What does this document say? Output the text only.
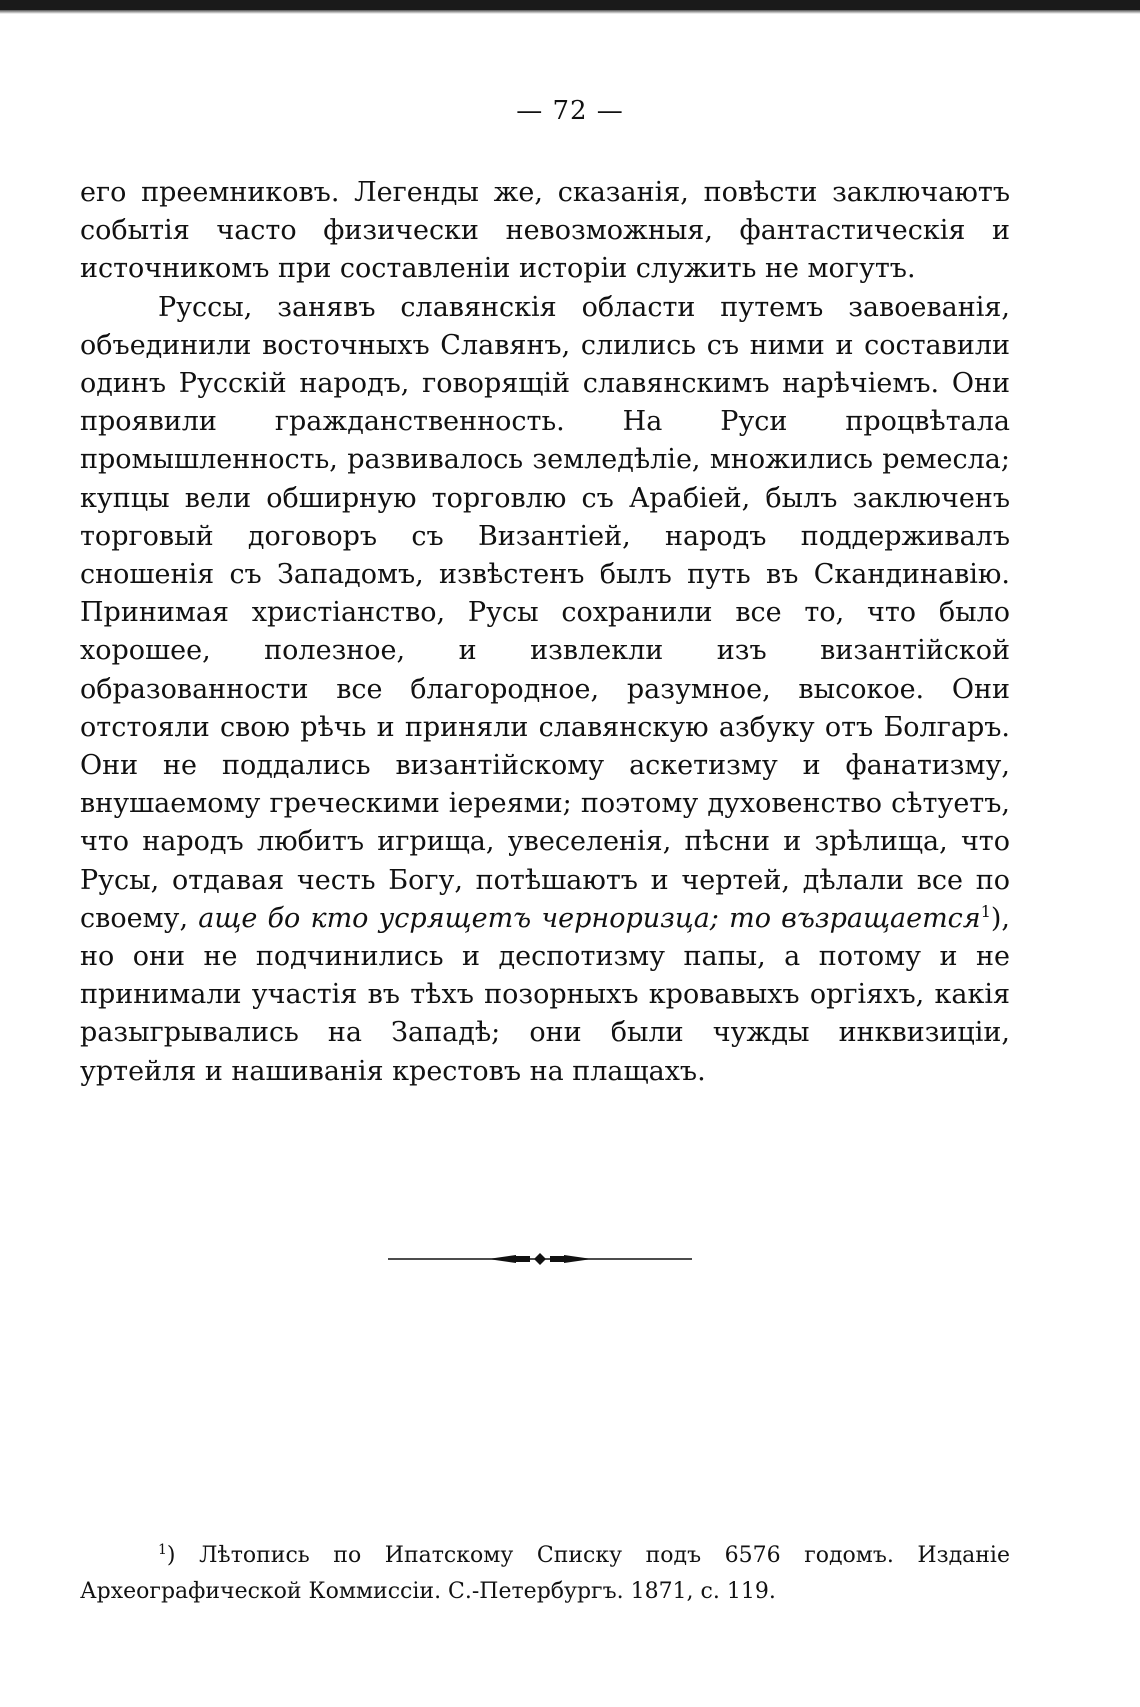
— 72 —

его преемниковъ. Легенды же, сказанія, повѣсти заключаютъ событія часто физически невозможныя, фантастическія и источникомъ при составленіи исторіи служить не могутъ.

Руссы, занявъ славянскія области путемъ завоеванія, объединили восточныхъ Славянъ, слились съ ними и составили одинъ Русскій народъ, говорящій славянскимъ нарѣчіемъ. Они проявили гражданственность. На Руси процвѣтала промышленность, развивалось земледѣліе, множились ремесла; купцы вели обширную торговлю съ Арабіей, былъ заключенъ торговый договоръ съ Византіей, народъ поддерживалъ сношенія съ Западомъ, извѣстенъ былъ путь въ Скандинавію. Принимая христіанство, Русы сохранили все то, что было хорошее, полезное, и извлекли изъ византійской образованности все благородное, разумное, высокое. Они отстояли свою рѣчь и приняли славянскую азбуку отъ Болгаръ. Они не поддались византійскому аскетизму и фанатизму, внушаемому греческими іереями; поэтому духовенство сѣтуетъ, что народъ любитъ игрища, увеселенія, пѣсни и зрѣлища, что Русы, отдавая честь Богу, потѣшаютъ и чертей, дѣлали все по своему, аще бо кто усрящетъ черноризца; то възращается$^1$), но они не подчинились и деспотизму папы, а потому и не принимали участія въ тѣхъ позорныхъ кровавыхъ оргіяхъ, какія разыгрывались на Западѣ; они были чужды инквизиціи, уртейля и нашиванія крестовъ на плащахъ.

$^1$) Лѣтопись по Ипатскому Списку подъ 6576 годомъ. Изданіе Археографической Коммиссіи. С.-Петербургъ. 1871, с. 119.
